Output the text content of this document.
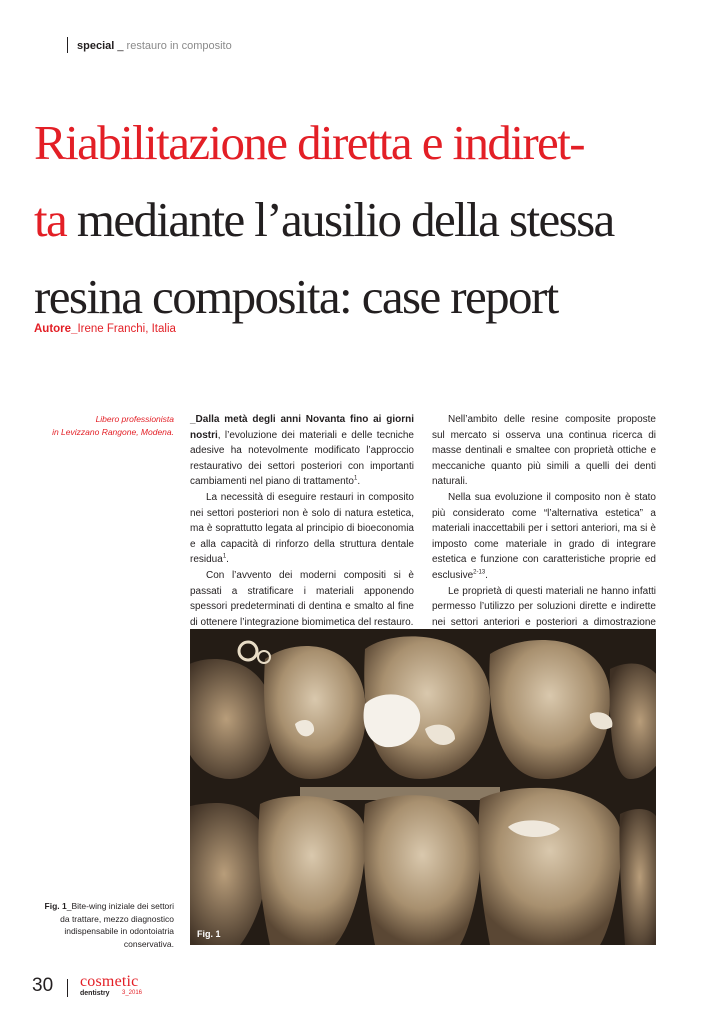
special _ restauro in composito
Riabilitazione diretta e indiret-
ta mediante l’ausilio della stessa
resina composita: case report
Autore_Irene Franchi, Italia
Libero professionista
in Levizzano Rangone, Modena.

_Dalla metà degli anni Novanta fino ai giorni nostri, l’evoluzione dei materiali e delle tecniche adesive ha notevolmente modificato l’approccio restaurativo dei settori posteriori con importanti cambiamenti nel piano di trattamento$^1$.

La necessità di eseguire restauri in composito nei settori posteriori non è solo di natura estetica, ma è soprattutto legata al principio di bioeconomia e alla capacità di rinforzo della struttura dentale residua$^1$.

Con l’avvento dei moderni compositi si è passati a stratificare i materiali apponendo spessori predeterminati di dentina e smalto al fine di ottenere l’integrazione biomimetica del restauro.

Nell’ambito delle resine composite proposte sul mercato si osserva una continua ricerca di masse dentinali e smaltee con proprietà ottiche e meccaniche quanto più simili a quelli dei denti naturali.

Nella sua evoluzione il composito non è stato più considerato come “l’alternativa estetica” a materiali inaccettabili per i settori anteriori, ma si è imposto come materiale in grado di integrare estetica e funzione con caratteristiche proprie ed esclusive$^{2-13}$.

Le proprietà di questi materiali ne hanno infatti permesso l’utilizzo per soluzioni dirette e indirette nei settori anteriori e posteriori a dimostrazione

Fig. 1
Fig. 1_Bite-wing iniziale dei settori da trattare, mezzo diagnostico indispensabile in odontoiatria conservativa.
30 cosmetic
dentistry 3_2016
